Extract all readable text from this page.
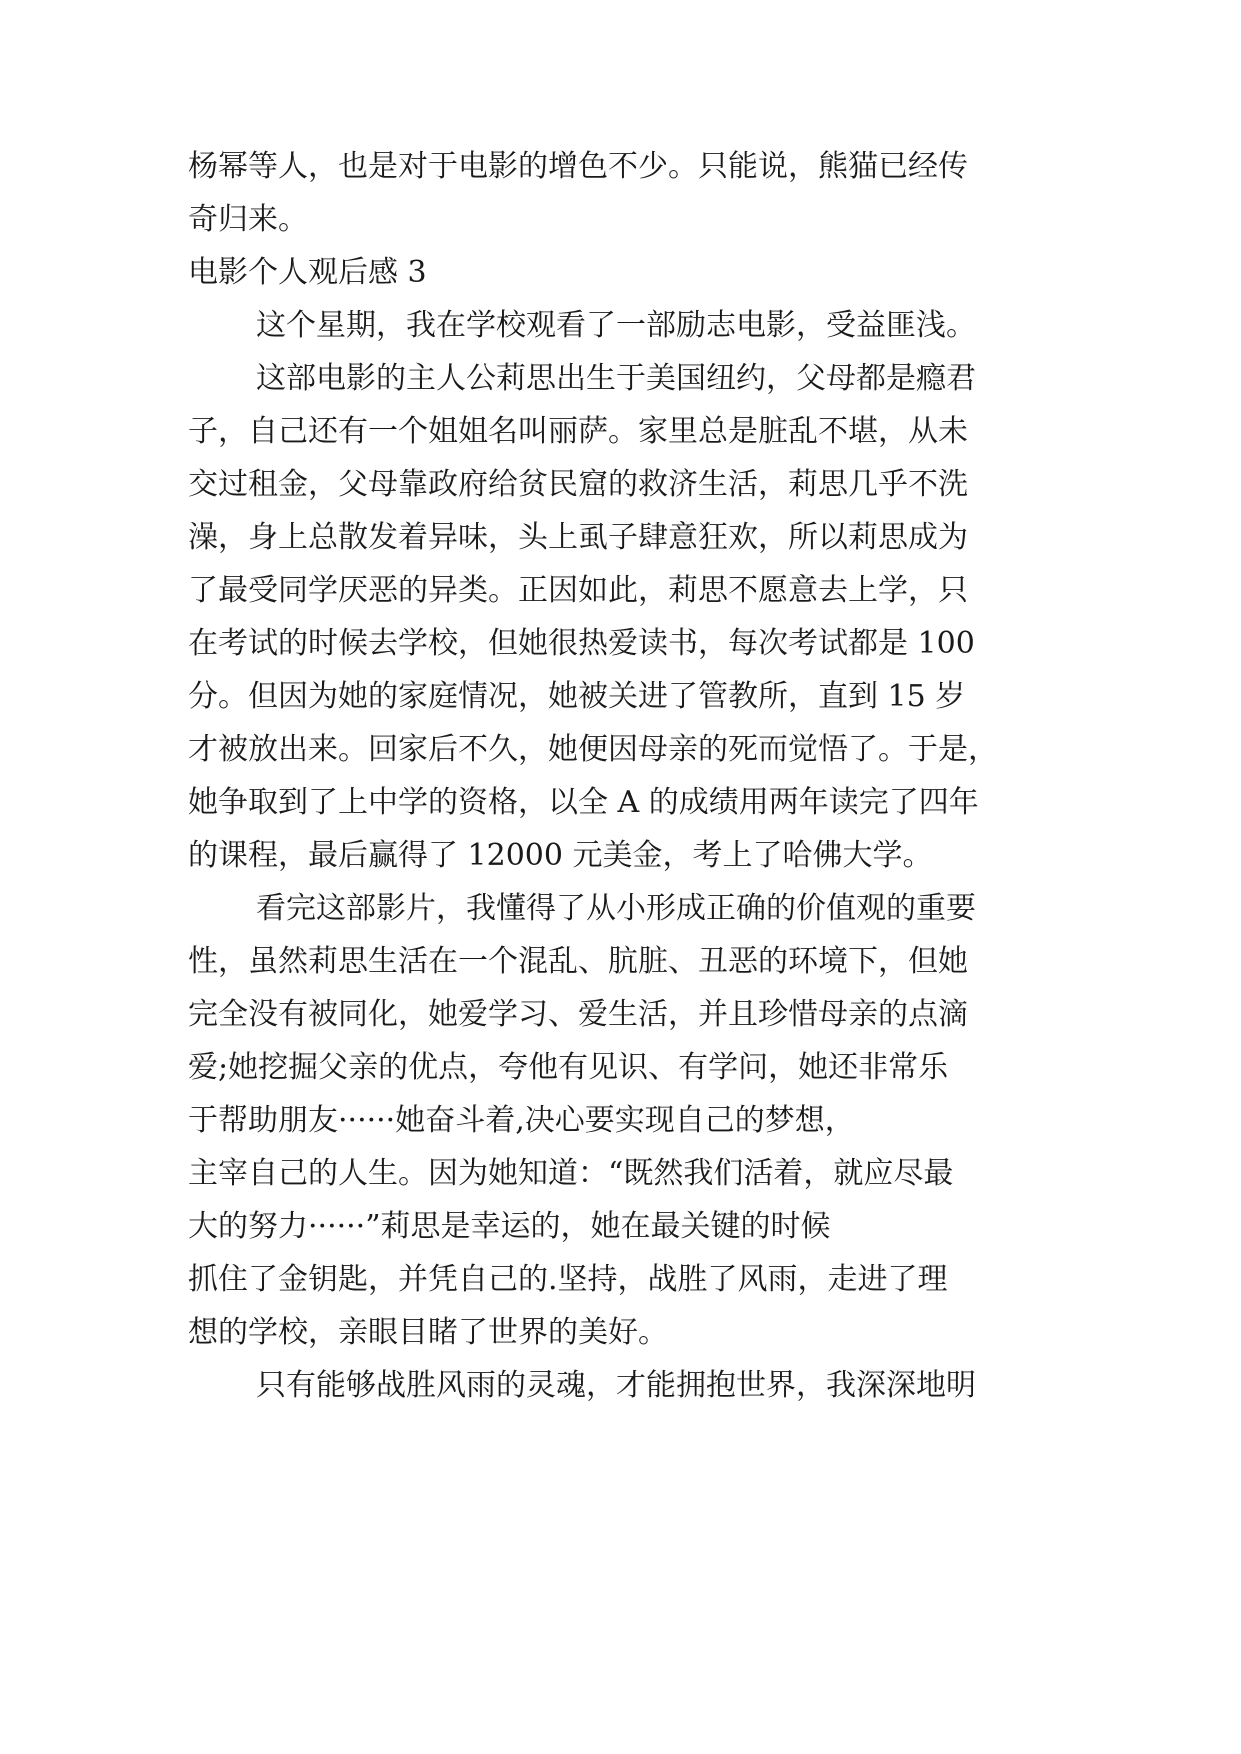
杨幂等人，也是对于电影的增色不少。只能说，熊猫已经传
奇归来。
电影个人观后感 3
这个星期，我在学校观看了一部励志电影，受益匪浅。
这部电影的主人公莉思出生于美国纽约，父母都是瘾君
子，自己还有一个姐姐名叫丽萨。家里总是脏乱不堪，从未
交过租金，父母靠政府给贫民窟的救济生活，莉思几乎不洗
澡，身上总散发着异味，头上虱子肆意狂欢，所以莉思成为
了最受同学厌恶的异类。正因如此，莉思不愿意去上学，只
在考试的时候去学校，但她很热爱读书，每次考试都是 100
分。但因为她的家庭情况，她被关进了管教所，直到 15 岁
才被放出来。回家后不久，她便因母亲的死而觉悟了。于是，
她争取到了上中学的资格，以全 A 的成绩用两年读完了四年
的课程，最后赢得了 12000 元美金，考上了哈佛大学。
看完这部影片，我懂得了从小形成正确的价值观的重要
性，虽然莉思生活在一个混乱、肮脏、丑恶的环境下，但她
完全没有被同化，她爱学习、爱生活，并且珍惜母亲的点滴
爱;她挖掘父亲的优点，夸他有见识、有学问，她还非常乐
于帮助朋友······她奋斗着,决心要实现自己的梦想，
主宰自己的人生。因为她知道：“既然我们活着，就应尽最
大的努力······”莉思是幸运的，她在最关键的时候
抓住了金钥匙，并凭自己的.坚持，战胜了风雨，走进了理
想的学校，亲眼目睹了世界的美好。
只有能够战胜风雨的灵魂，才能拥抱世界，我深深地明
